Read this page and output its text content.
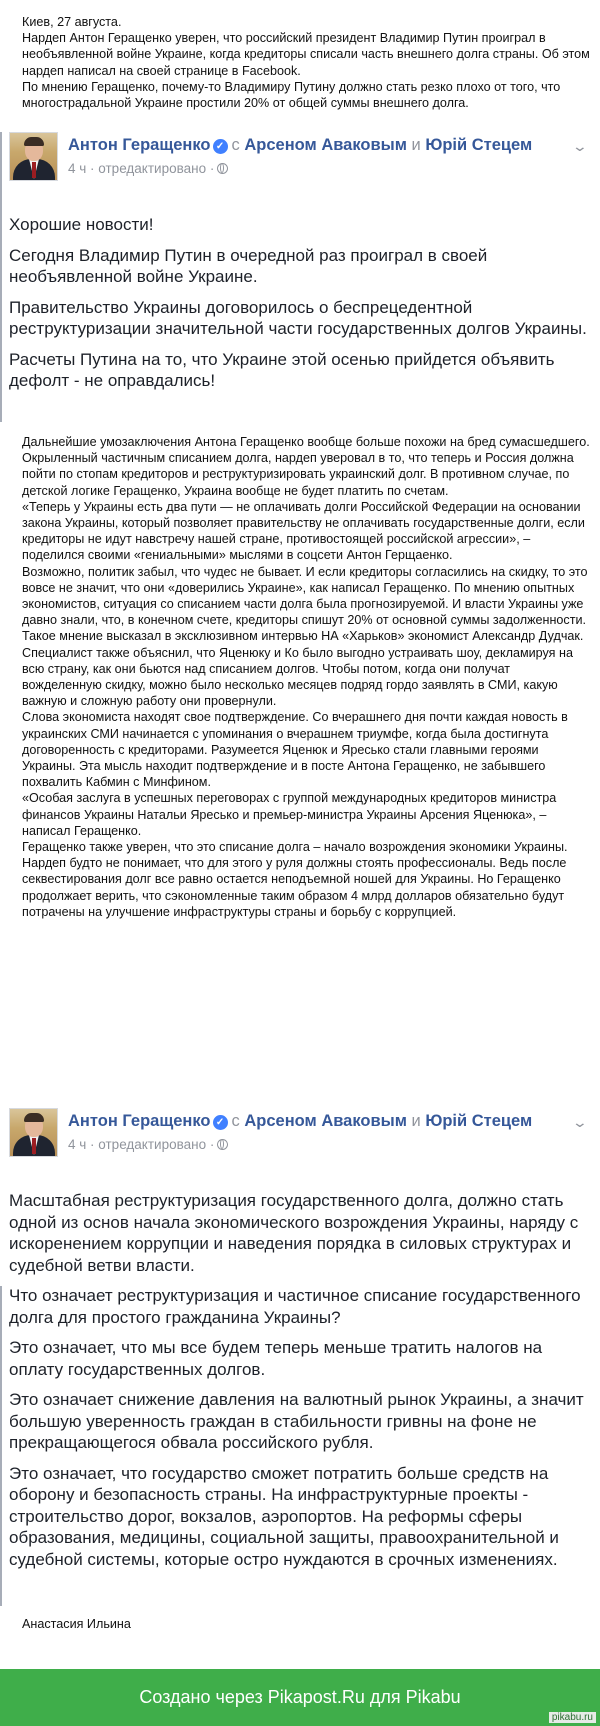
Киев, 27 августа.

Нардеп Антон Геращенко уверен, что российский президент Владимир Путин проиграл в необъявленной войне Украине, когда кредиторы списали часть внешнего долга страны. Об этом нардеп написал на своей странице в Facebook.

По мнению Геращенко, почему-то Владимиру Путину должно стать резко плохо от того, что многострадальной Украине простили 20% от общей суммы внешнего долга.

Антон Геращенко ✓ с Арсеном Аваковым и Юрій Стецем	⌄
4 ч · отредактировано ·

Хорошие новости!

Сегодня Владимир Путин в очередной раз проиграл в своей необъявленной войне Украине.

Правительство Украины договорилось о беспрецедентной реструктуризации значительной части государственных долгов Украины.

Расчеты Путина на то, что Украине этой осенью прийдется объявить дефолт - не оправдались!

Дальнейшие умозаключения Антона Геращенко вообще больше похожи на бред сумасшедшего. Окрыленный частичным списанием долга, нардеп уверовал в то, что теперь и Россия должна пойти по стопам кредиторов и реструктуризировать украинский долг. В противном случае, по детской логике Геращенко, Украина вообще не будет платить по счетам.

«Теперь у Украины есть два пути — не оплачивать долги Российской Федерации на основании закона Украины, который позволяет правительству не оплачивать государственные долги, если кредиторы не идут навстречу нашей стране, противостоящей российской агрессии», – поделился своими «гениальными» мыслями в соцсети Антон Герщаенко.

Возможно, политик забыл, что чудес не бывает. И если кредиторы согласились на скидку, то это вовсе не значит, что они «доверились Украине», как написал Геращенко. По мнению опытных экономистов, ситуация со списанием части долга была прогнозируемой. И власти Украины уже давно знали, что, в конечном счете, кредиторы спишут 20% от основной суммы задолженности. Такое мнение высказал в эксклюзивном интервью НА «Харьков» экономист Александр Дудчак.

Специалист также объяснил, что Яценюку и Ко было выгодно устраивать шоу, декламируя на всю страну, как они бьются над списанием долгов. Чтобы потом, когда они получат вожделенную скидку, можно было несколько месяцев подряд гордо заявлять в СМИ, какую важную и сложную работу они провернули.

Слова экономиста находят свое подтверждение. Со вчерашнего дня почти каждая новость в украинских СМИ начинается с упоминания о вчерашнем триумфе, когда была достигнута договоренность с кредиторами. Разумеется Яценюк и Яресько стали главными героями Украины. Эта мысль находит подтверждение и в посте Антона Геращенко, не забывшего похвалить Кабмин с Минфином.

«Особая заслуга в успешных переговорах с группой международных кредиторов министра финансов Украины Натальи Яресько и премьер-министра Украины Арсения Яценюка», – написал Геращенко.

Геращенко также уверен, что это списание долга – начало возрождения экономики Украины. Нардеп будто не понимает, что для этого у руля должны стоять профессионалы. Ведь после секвестирования долг все равно остается неподъемной ношей для Украины. Но Геращенко продолжает верить, что сэкономленные таким образом 4 млрд долларов обязательно будут потрачены на улучшение инфраструктуры страны и борьбу с коррупцией.

Антон Геращенко ✓ с Арсеном Аваковым и Юрій Стецем	⌄
4 ч · отредактировано ·

Масштабная реструктуризация государственного долга, должно стать одной из основ начала экономического возрождения Украины, наряду с искоренением коррупции и наведения порядка в силовых структурах и судебной ветви власти.

Что означает реструктуризация и частичное списание государственного долга для простого гражданина Украины?

Это означает, что мы все будем теперь меньше тратить налогов на оплату государственных долгов.

Это означает снижение давления на валютный рынок Украины, а значит большую уверенность граждан в стабильности гривны на фоне не прекращающегося обвала российского рубля.

Это означает, что государство сможет потратить больше средств на оборону и безопасность страны. На инфраструктурные проекты - строительство дорог, вокзалов, аэропортов. На реформы сферы образования, медицины, социальной защиты, правоохранительной и судебной системы, которые остро нуждаются в срочных изменениях.

Анастасия Ильина
Создано через Pikapost.Ru для Pikabu
pikabu.ru
